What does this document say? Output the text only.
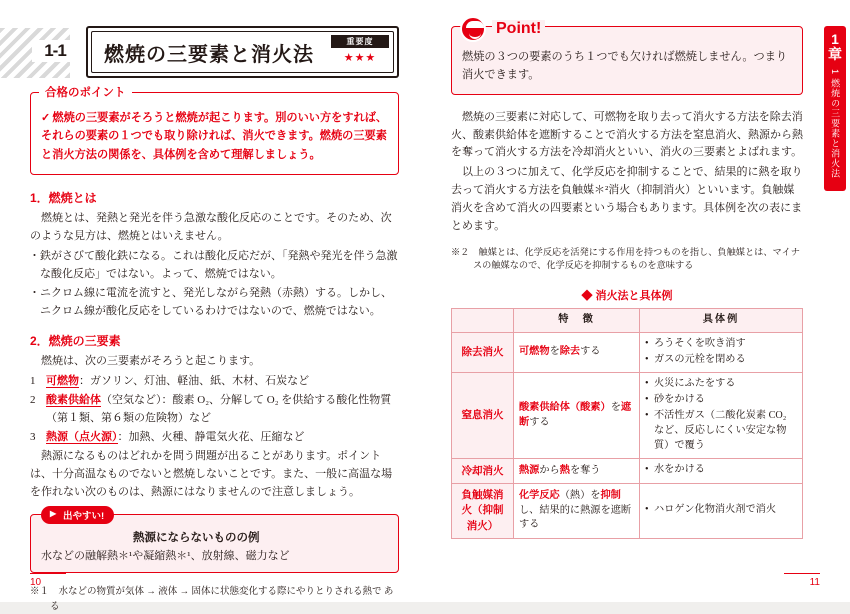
1-1	燃焼の三要素と消火法
重要度
★★★
合格のポイント

✓ 燃焼の三要素がそろうと燃焼が起こります。別のいい方をすれば、それらの要素の１つでも取り除ければ、消火できます。燃焼の三要素と消火方法の関係を、具体例を含めて理解しましょう。

1．燃焼とは

燃焼とは、発熱と発光を伴う急激な酸化反応のことです。そのため、次のような見方は、燃焼とはいえません。

・ 鉄がさびて酸化鉄になる。これは酸化反応だが、「発熱や発光を伴う急激な酸化反応」ではない。よって、燃焼ではない。
・ ニクロム線に電流を流すと、発光しながら発熱（赤熱）する。しかし、ニクロム線が酸化反応をしているわけではないので、燃焼ではない。
2．燃焼の三要素

燃焼は、次の三要素がそろうと起こります。

1 可燃物：ガソリン、灯油、軽油、紙、木材、石炭など
2 酸素供給体（空気など）：酸素 O₂、分解して O₂ を供給する酸化性物質（第１類、第６類の危険物）など
3 熱源（点火源）：加熱、火種、静電気火花、圧縮など

熱源になるものはどれかを問う問題が出ることがあります。ポイントは、十分高温なものでないと燃焼しないことです。また、一般に高温な場を作れない次のものは、熱源にはなりませんので注意しましょう。

▶ 出やすい!
熱源にならないものの例

水などの融解熱＊¹や凝縮熱＊¹、放射線、磁力など

※１　水などの物質が気体 → 液体 → 固体に状態変化する際にやりとりされる熱で ある

10
1
章
1 燃焼の三要素と消火法
Point!

燃焼の３つの要素のうち１つでも欠ければ燃焼しません。つまり消火できます。

燃焼の三要素に対応して、可燃物を取り去って消火する方法を除去消火、酸素供給体を遮断することで消火する方法を窒息消火、熱源から熱を奪って消火する方法を冷却消火といい、消火の三要素とよばれます。

以上の３つに加えて、化学反応を抑制することで、結果的に熱を取り去って消火する方法を負触媒＊²消火（抑制消火）といいます。負触媒消火を含めて消火の四要素という場合もあります。具体例を次の表にまとめます。

※２　触媒とは、化学反応を活発にする作用を持つものを指し、負触媒とは、マイナスの触媒なので、化学反応を抑制するものを意味する

◆ 消火法と具体例
	特　徴	具体例
除去消火	可燃物を除去する	
• ろうそくを吹き消す
• ガスの元栓を閉める

窒息消火	酸素供給体（酸素）を遮断する	
• 火災にふたをする
• 砂をかける
• 不活性ガス（二酸化炭素 CO₂ など、反応しにくい安定な物質）で覆う

冷却消火	熱源から熱を奪う	
•水をかける

負触媒消火（抑制消火）	化学反応（熱）を抑制し、結果的に熱源を遮断する	
• ハロゲン化物消火剤で消火
11
